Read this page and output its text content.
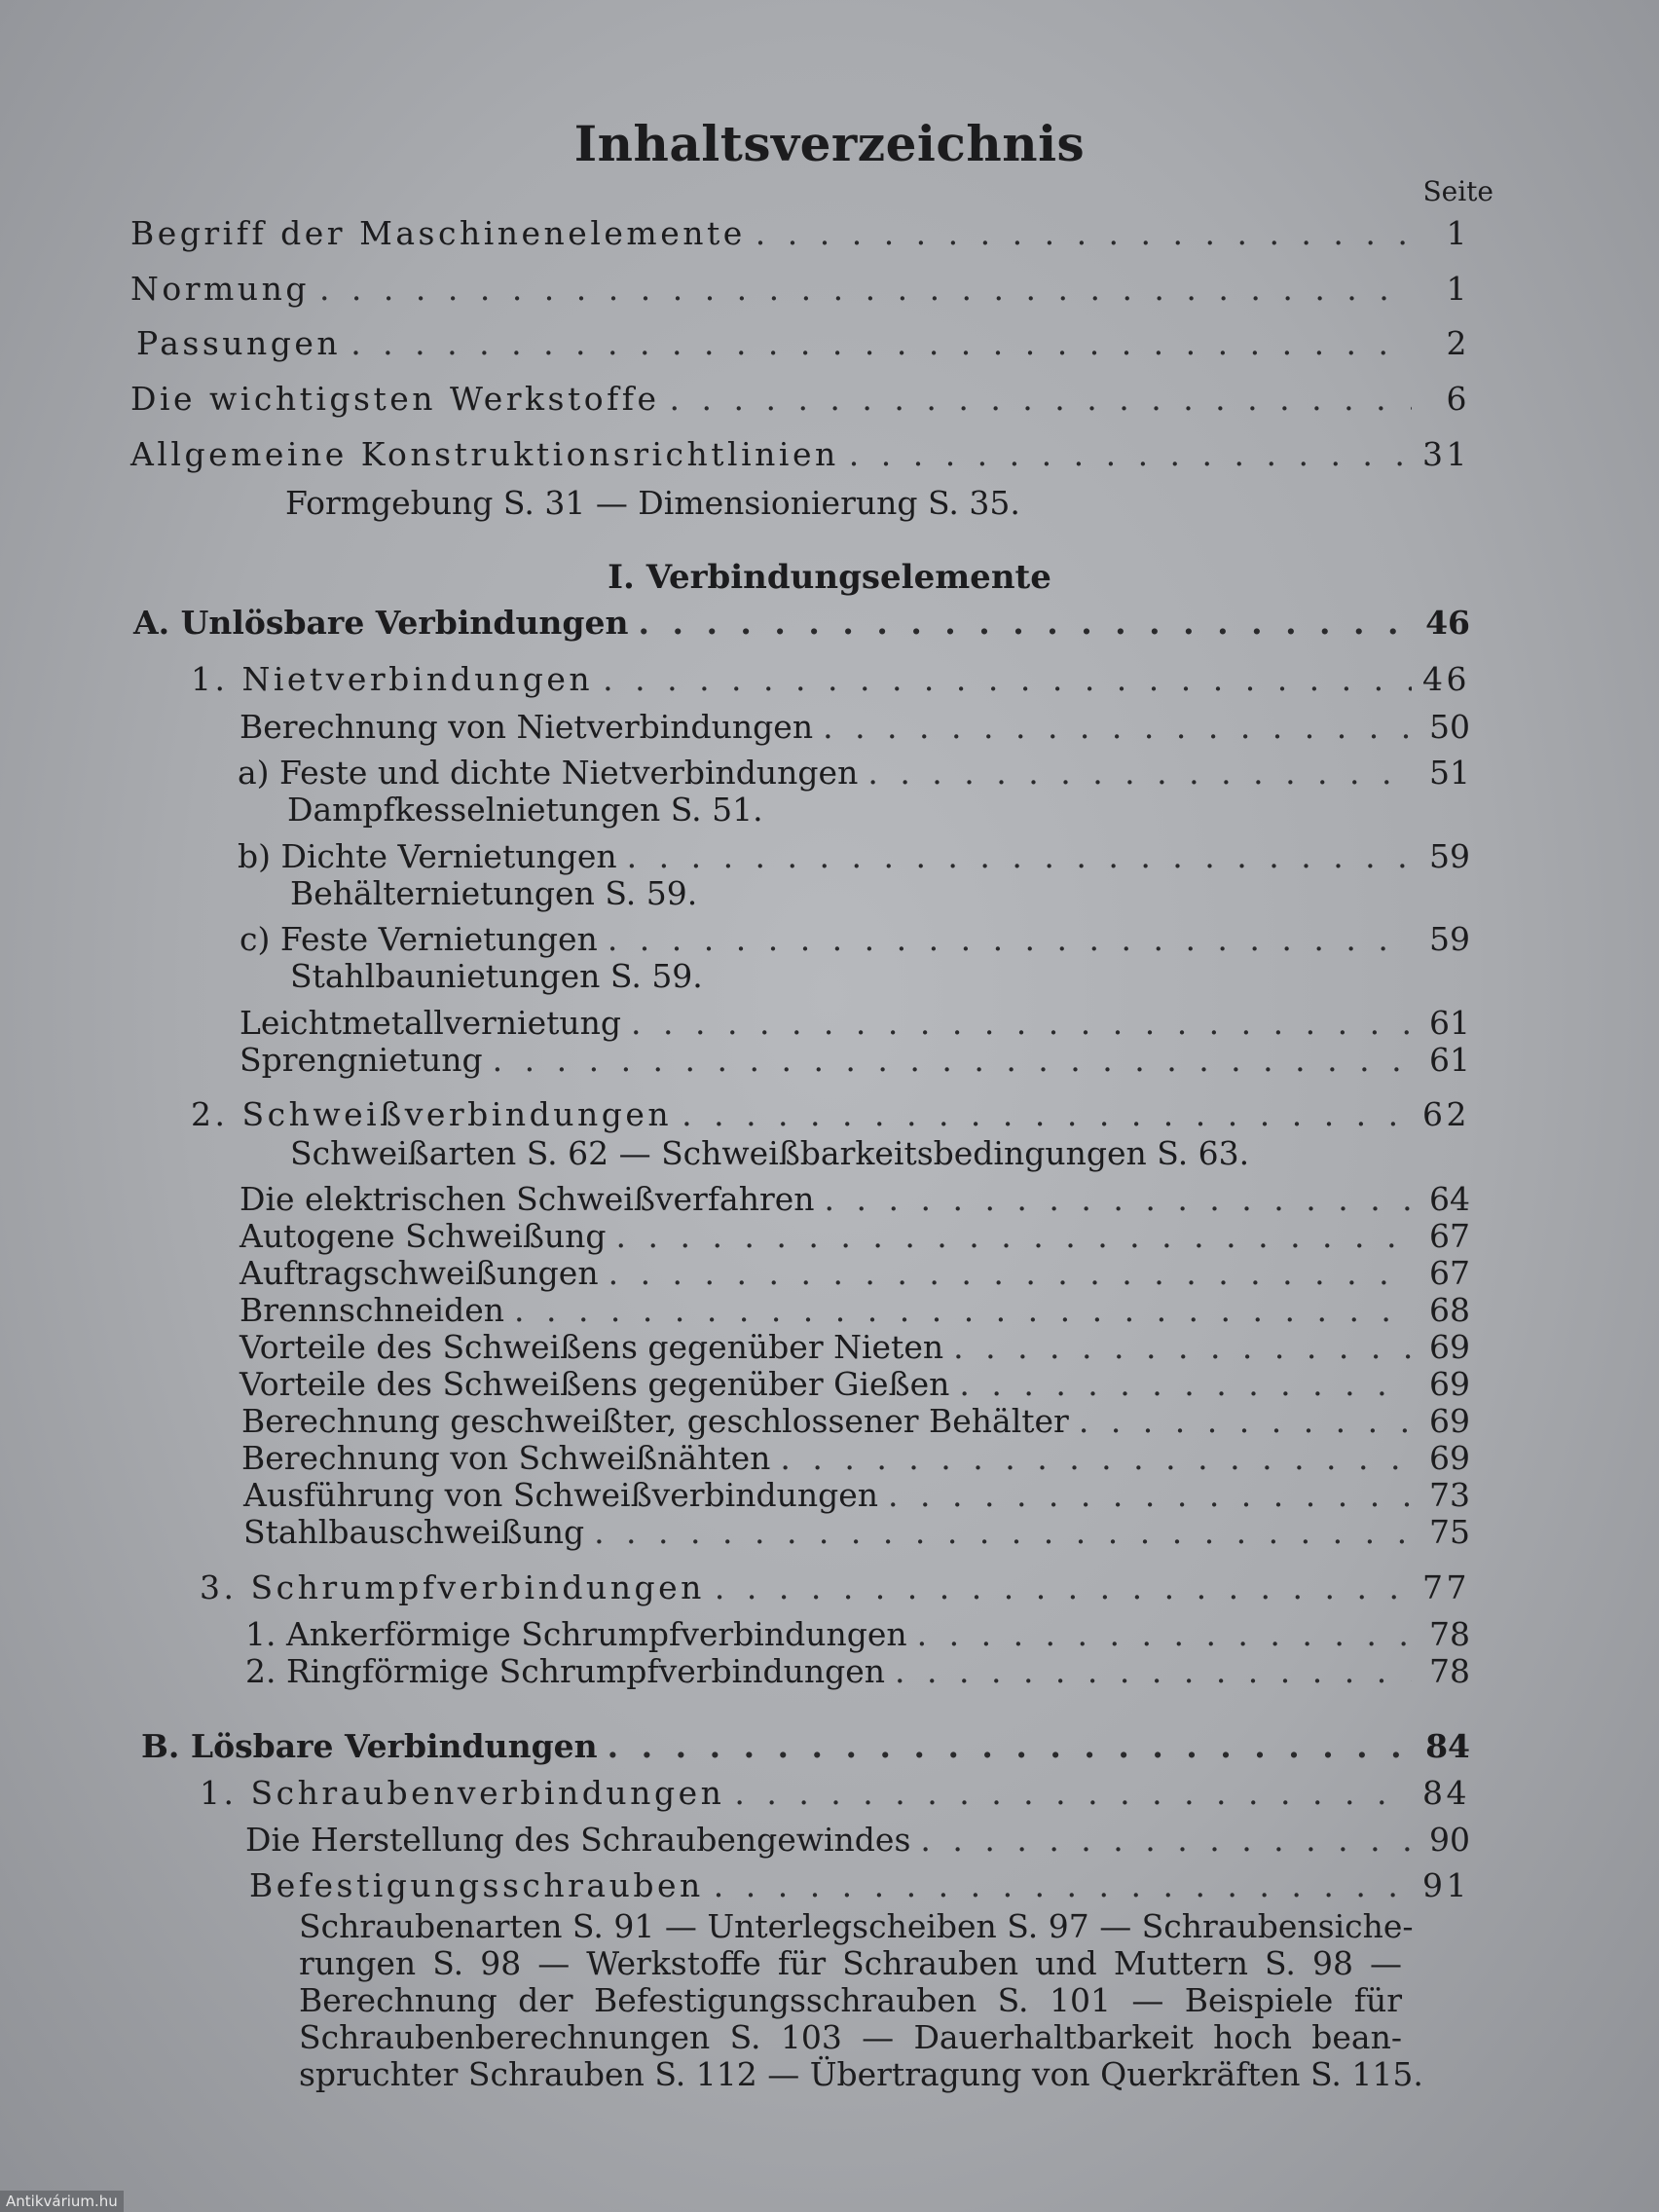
Inhaltsverzeichnis
Seite
Begriff der Maschinenelemente . . .	1
Normung . . .	1
Passungen . . .	2
Die wichtigsten Werkstoffe . . .	6
Allgemeine Konstruktionsrichtlinien . . .	31
Formgebung S. 31 — Dimensionierung S. 35.
I. Verbindungselemente
A. Unlösbare Verbindungen . . .	46
1. Nietverbindungen . . .	46
Berechnung von Nietverbindungen . . .	50
a) Feste und dichte Nietverbindungen . . .	51
Dampfkesselnietungen S. 51.
b) Dichte Vernietungen . . .	59
Behälternietungen S. 59.
c) Feste Vernietungen . . .	59
Stahlbaunietungen S. 59.
Leichtmetallvernietung . . .	61
Sprengnietung . . .	61
2. Schweißverbindungen . . .	62
Schweißarten S. 62 — Schweißbarkeitsbedingungen S. 63.
Die elektrischen Schweißverfahren . . .	64
Autogene Schweißung . . .	67
Auftragschweißungen . . .	67
Brennschneiden . . .	68
Vorteile des Schweißens gegenüber Nieten . . .	69
Vorteile des Schweißens gegenüber Gießen . . .	69
Berechnung geschweißter, geschlossener Behälter . . .	69
Berechnung von Schweißnähten . . .	69
Ausführung von Schweißverbindungen . . .	73
Stahlbauschweißung . . .	75
3. Schrumpfverbindungen . . .	77
1. Ankerförmige Schrumpfverbindungen . . .	78
2. Ringförmige Schrumpfverbindungen . . .	78
B. Lösbare Verbindungen . . .	84
1. Schraubenverbindungen . . .	84
Die Herstellung des Schraubengewindes . . .	90
Befestigungsschrauben . . .	91
Schraubenarten S. 91 — Unterlegscheiben S. 97 — Schraubensiche-
rungen S. 98 — Werkstoffe für Schrauben und Muttern S. 98 —
Berechnung der Befestigungsschrauben S. 101 — Beispiele für
Schraubenberechnungen S. 103 — Dauerhaltbarkeit hoch bean-
spruchter Schrauben S. 112 — Übertragung von Querkräften S. 115.
Antikvárium.hu
